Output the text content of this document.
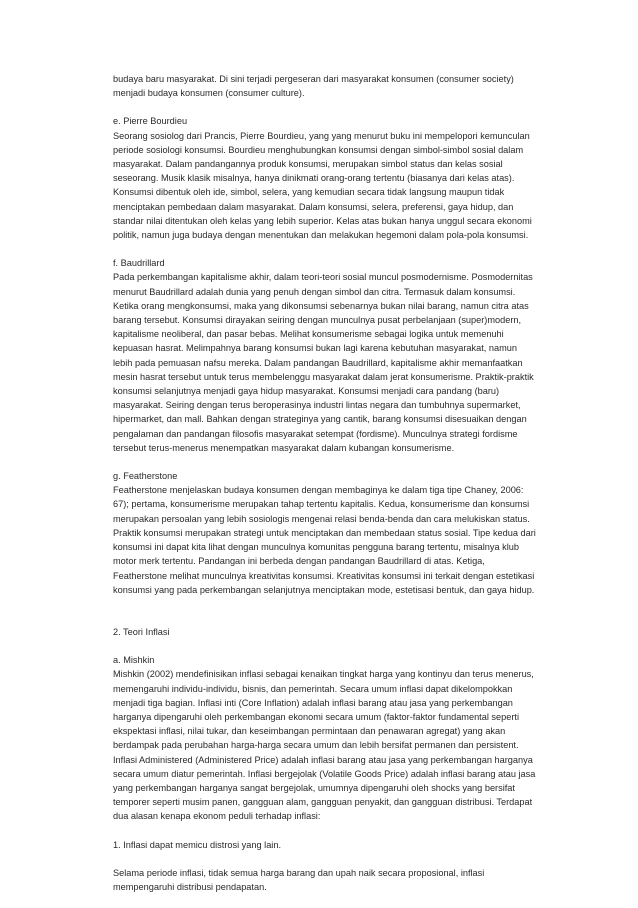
budaya baru masyarakat. Di sini terjadi pergeseran dari masyarakat konsumen (consumer society)
menjadi budaya konsumen (consumer culture).
e. Pierre Bourdieu
Seorang sosiolog dari Prancis, Pierre Bourdieu, yang yang menurut buku ini mempelopori kemunculan
periode sosiologi konsumsi. Bourdieu menghubungkan konsumsi dengan simbol-simbol sosial dalam
masyarakat. Dalam pandangannya produk konsumsi, merupakan simbol status dan kelas sosial
seseorang. Musik klasik misalnya, hanya dinikmati orang-orang tertentu (biasanya dari kelas atas).
Konsumsi dibentuk oleh ide, simbol, selera, yang kemudian secara tidak langsung maupun tidak
menciptakan pembedaan dalam masyarakat. Dalam konsumsi, selera, preferensi, gaya hidup, dan
standar nilai ditentukan oleh kelas yang lebih superior. Kelas atas bukan hanya unggul secara ekonomi
politik, namun juga budaya dengan menentukan dan melakukan hegemoni dalam pola-pola konsumsi.
f. Baudrillard
Pada perkembangan kapitalisme akhir, dalam teori-teori sosial muncul posmodernisme. Posmodernitas
menurut Baudrillard adalah dunia yang penuh dengan simbol dan citra. Termasuk dalam konsumsi.
Ketika orang mengkonsumsi, maka yang dikonsumsi sebenarnya bukan nilai barang, namun citra atas
barang tersebut. Konsumsi dirayakan seiring dengan munculnya pusat perbelanjaan (super)modern,
kapitalisme neoliberal, dan pasar bebas. Melihat konsumerisme sebagai logika untuk memenuhi
kepuasan hasrat. Melimpahnya barang konsumsi bukan lagi karena kebutuhan masyarakat, namun
lebih pada pemuasan nafsu mereka. Dalam pandangan Baudrillard, kapitalisme akhir memanfaatkan
mesin hasrat tersebut untuk terus membelenggu masyarakat dalam jerat konsumerisme. Praktik-praktik
konsumsi selanjutnya menjadi gaya hidup masyarakat. Konsumsi menjadi cara pandang (baru)
masyarakat. Seiring dengan terus beroperasinya industri lintas negara dan tumbuhnya supermarket,
hipermarket, dan mall. Bahkan dengan strateginya yang cantik, barang konsumsi disesuaikan dengan
pengalaman dan pandangan filosofis masyarakat setempat (fordisme). Munculnya strategi fordisme
tersebut terus-menerus menempatkan masyarakat dalam kubangan konsumerisme.
g. Featherstone
Featherstone menjelaskan budaya konsumen dengan membaginya ke dalam tiga tipe Chaney, 2006:
67); pertama, konsumerisme merupakan tahap tertentu kapitalis. Kedua, konsumerisme dan konsumsi
merupakan persoalan yang lebih sosiologis mengenai relasi benda-benda dan cara melukiskan status.
Praktik konsumsi merupakan strategi untuk menciptakan dan membedaan status sosial. Tipe kedua dari
konsumsi ini dapat kita lihat dengan munculnya komunitas pengguna barang tertentu, misalnya klub
motor merk tertentu. Pandangan ini berbeda dengan pandangan Baudrillard di atas. Ketiga,
Featherstone melihat munculnya kreativitas konsumsi. Kreativitas konsumsi ini terkait dengan estetikasi
konsumsi yang pada perkembangan selanjutnya menciptakan mode, estetisasi bentuk, dan gaya hidup.
2. Teori Inflasi
a. Mishkin
Mishkin (2002) mendefinisikan inflasi sebagai kenaikan tingkat harga yang kontinyu dan terus menerus,
memengaruhi individu-individu, bisnis, dan pemerintah. Secara umum inflasi dapat dikelompokkan
menjadi tiga bagian. Inflasi inti (Core Inflation) adalah inflasi barang atau jasa yang perkembangan
harganya dipengaruhi oleh perkembangan ekonomi secara umum (faktor-faktor fundamental seperti
ekspektasi inflasi, nilai tukar, dan keseimbangan permintaan dan penawaran agregat) yang akan
berdampak pada perubahan harga-harga secara umum dan lebih bersifat permanen dan persistent.
Inflasi Administered (Administered Price) adalah inflasi barang atau jasa yang perkembangan harganya
secara umum diatur pemerintah. Inflasi bergejolak (Volatile Goods Price) adalah inflasi barang atau jasa
yang perkembangan harganya sangat bergejolak, umumnya dipengaruhi oleh shocks yang bersifat
temporer seperti musim panen, gangguan alam, gangguan penyakit, dan gangguan distribusi. Terdapat
dua alasan kenapa ekonom peduli terhadap inflasi:
1. Inflasi dapat memicu distrosi yang lain.
Selama periode inflasi, tidak semua harga barang dan upah naik secara proposional, inflasi
mempengaruhi distribusi pendapatan.
